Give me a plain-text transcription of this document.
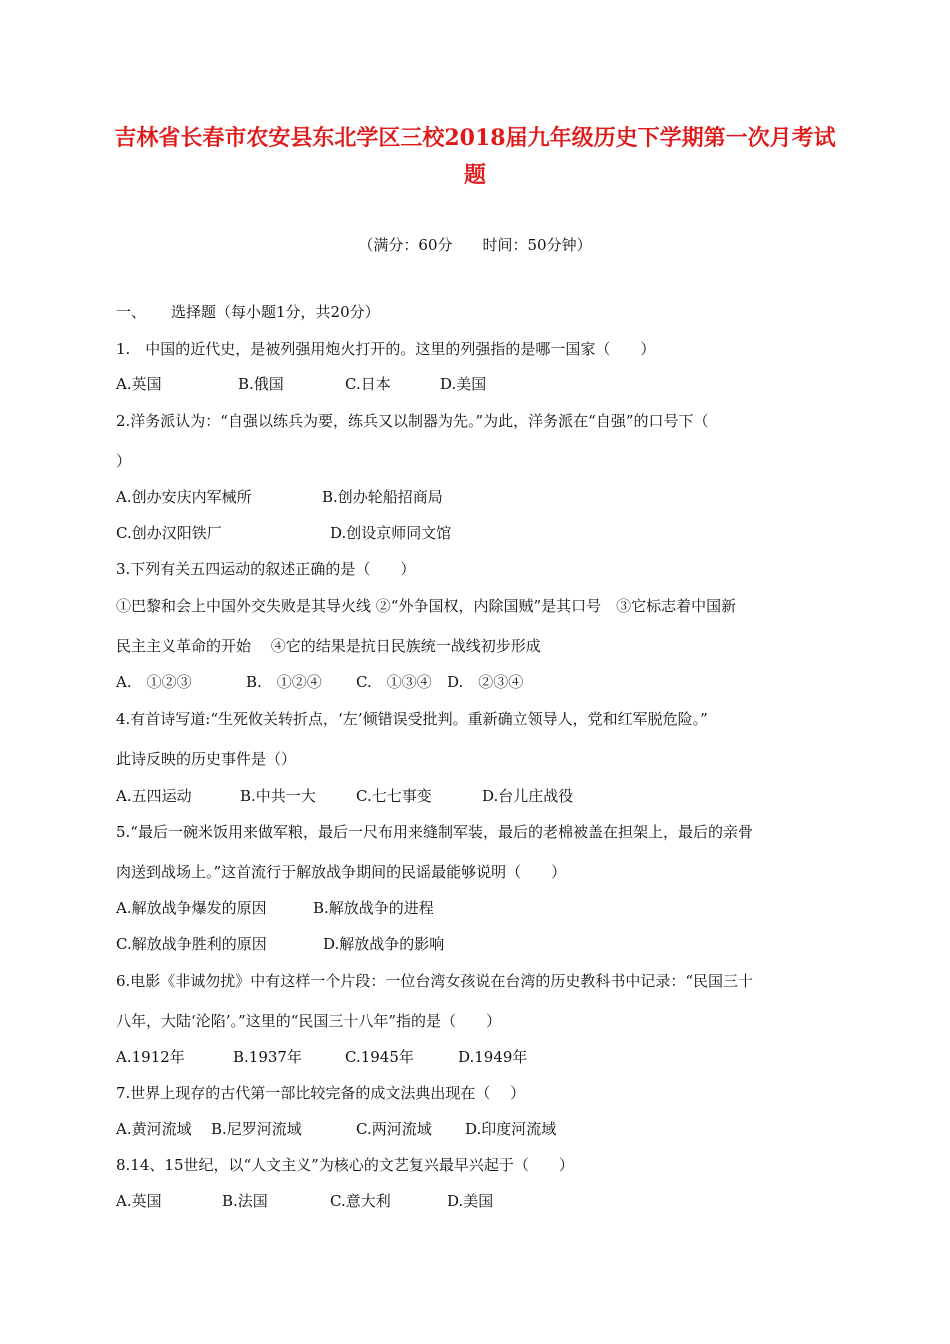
吉林省长春市农安县东北学区三校2018届九年级历史下学期第一次月考试
题
（满分：60分　　时间：50分钟）
一、 选择题（每小题1分，共20分）
1.　中国的近代史，是被列强用炮火打开的。这里的列强指的是哪一国家（　　）
A.英国	B.俄国	C.日本	D.美国
2.洋务派认为：“自强以练兵为要，练兵又以制器为先。”为此，洋务派在“自强”的口号下（
）
A.创办安庆内军械所	B.创办轮船招商局
C.创办汉阳铁厂	D.创设京师同文馆
3.下列有关五四运动的叙述正确的是（　　）
①巴黎和会上中国外交失败是其导火线 ②“外争国权，内除国贼”是其口号　③它标志着中国新
民主主义革命的开始　 ④它的结果是抗日民族统一战线初步形成
A.　①②③	B.　①②④ C.　①③④ D.　②③④
4.有首诗写道:“生死攸关转折点，‘左’倾错误受批判。重新确立领导人，党和红军脱危险。”
此诗反映的历史事件是（）
A.五四运动	B.中共一大	C.七七事变	D.台儿庄战役
5.“最后一碗米饭用来做军粮，最后一尺布用来缝制军装，最后的老棉被盖在担架上，最后的亲骨
肉送到战场上。”这首流行于解放战争期间的民谣最能够说明（　　）
A.解放战争爆发的原因	B.解放战争的进程
C.解放战争胜利的原因	D.解放战争的影响
6.电影《非诚勿扰》中有这样一个片段：一位台湾女孩说在台湾的历史教科书中记录：“民国三十
八年，大陆‘沦陷’。”这里的“民国三十八年”指的是（　　）
A.1912年	B.1937年	C.1945年	D.1949年
7.世界上现存的古代第一部比较完备的成文法典出现在（　 ）
A.黄河流域 B.尼罗河流域	C.两河流域 D.印度河流域
8.14、15世纪，以“人文主义”为核心的文艺复兴最早兴起于（　　）
A.英国	B.法国	C.意大利	D.美国
